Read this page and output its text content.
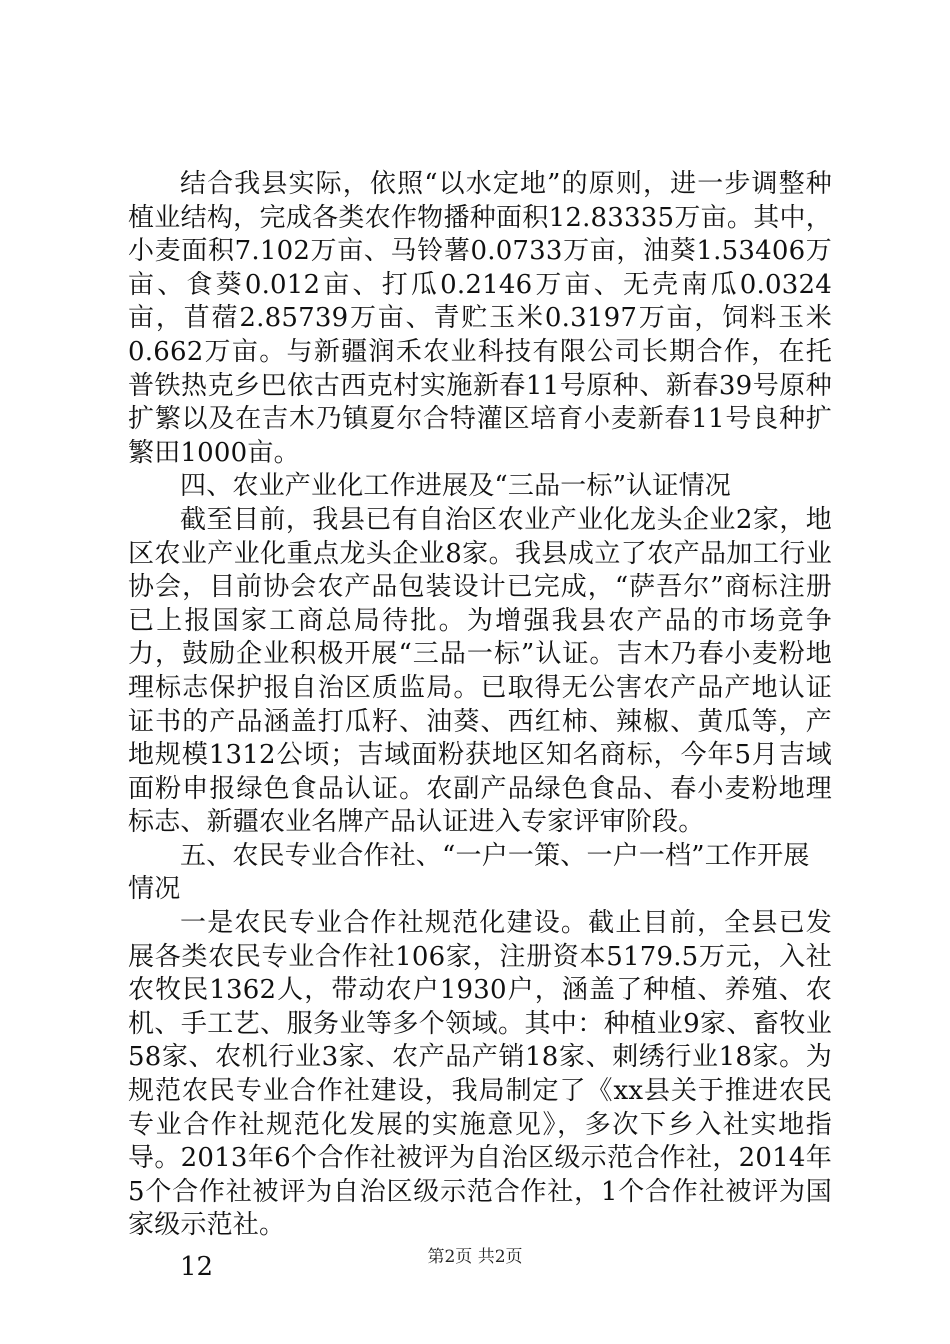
结合我县实际，依照“以水定地”的原则，进一步调整种植业结构，完成各类农作物播种面积12.83335万亩。其中，小麦面积7.102万亩、马铃薯0.0733万亩，油葵1.53406万亩、食葵0.012亩、打瓜0.2146万亩、无壳南瓜0.0324亩，苜蓿2.85739万亩、青贮玉米0.3197万亩，饲料玉米0.662万亩。与新疆润禾农业科技有限公司长期合作，在托普铁热克乡巴依古西克村实施新春11号原种、新春39号原种扩繁以及在吉木乃镇夏尔合特灌区培育小麦新春11号良种扩繁田1000亩。

四、农业产业化工作进展及“三品一标”认证情况

截至目前，我县已有自治区农业产业化龙头企业2家，地区农业产业化重点龙头企业8家。我县成立了农产品加工行业协会，目前协会农产品包装设计已完成，“萨吾尔”商标注册已上报国家工商总局待批。为增强我县农产品的市场竞争力，鼓励企业积极开展“三品一标”认证。吉木乃春小麦粉地理标志保护报自治区质监局。已取得无公害农产品产地认证证书的产品涵盖打瓜籽、油葵、西红柿、辣椒、黄瓜等，产地规模1312公顷；吉域面粉获地区知名商标，今年5月吉域面粉申报绿色食品认证。农副产品绿色食品、春小麦粉地理标志、新疆农业名牌产品认证进入专家评审阶段。

五、农民专业合作社、“一户一策、一户一档”工作开展情况

一是农民专业合作社规范化建设。截止目前，全县已发展各类农民专业合作社106家，注册资本5179.5万元，入社农牧民1362人，带动农户1930户，涵盖了种植、养殖、农机、手工艺、服务业等多个领域。其中：种植业9家、畜牧业58家、农机行业3家、农产品产销18家、刺绣行业18家。为规范农民专业合作社建设，我局制定了《xx县关于推进农民专业合作社规范化发展的实施意见》，多次下乡入社实地指导。2013年6个合作社被评为自治区级示范合作社，2014年5个合作社被评为自治区级示范合作社，1个合作社被评为国家级示范社。

12	第2页 共2页
